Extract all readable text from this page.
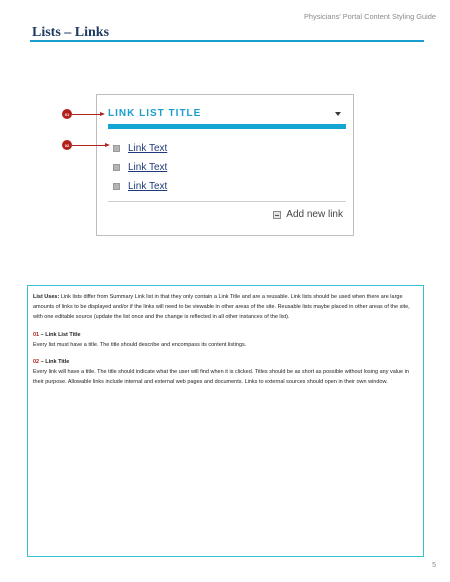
Physicians' Portal Content Styling Guide
Lists – Links
LINK LIST TITLE
Link Text
Link Text
Link Text
Add new link
01
02

List Uses: Link lists differ from Summary Link list in that they only contain a Link Title and are a reusable. Link lists should be used when there are large amounts of links to be displayed and/or if the links will need to be viewable in other areas of the site. Reusable lists maybe placed in other areas of the site, with one editable source (update the list once and the change is reflected in all other instances of the list).

01 – Link List Title

Every list must have a title. The title should describe and encompass its content listings.

02 – Link Title

Every link will have a title. The title should indicate what the user will find when it is clicked. Titles should be as short as possible without losing any value in their purpose. Allowable links include internal and external web pages and documents. Links to external sources should open in their own window.

5
